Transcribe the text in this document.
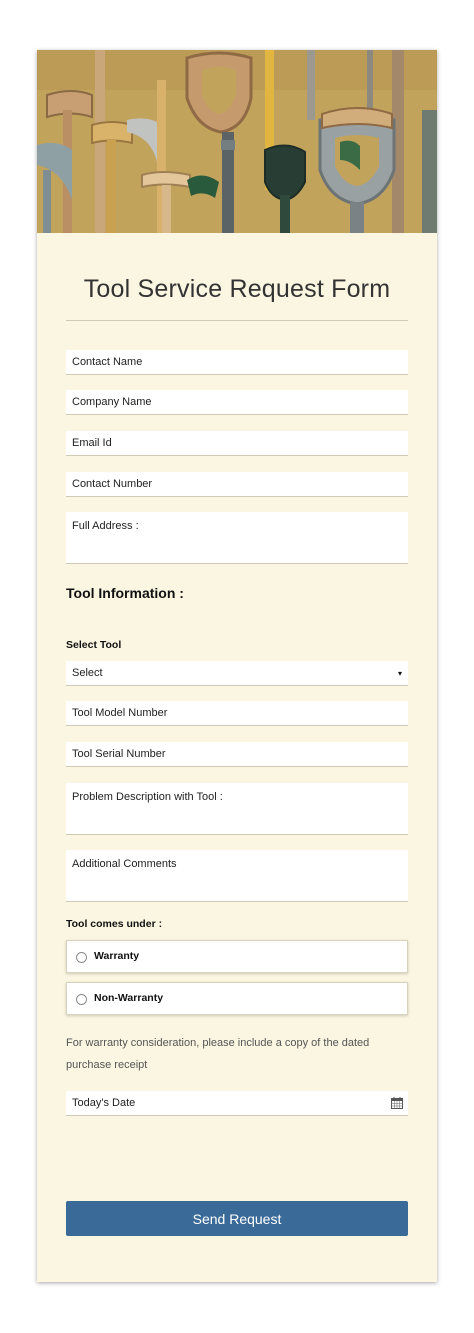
Tool Service Request Form
Contact Name
Company Name
Email Id
Contact Number
Full Address :
Tool Information :
Select Tool
Select	▾
Tool Model Number
Tool Serial Number
Problem Description with Tool :
Additional Comments
Tool comes under :
Warranty
Non-Warranty
For warranty consideration, please include a copy of the dated purchase receipt
Today's Date
Send Request
